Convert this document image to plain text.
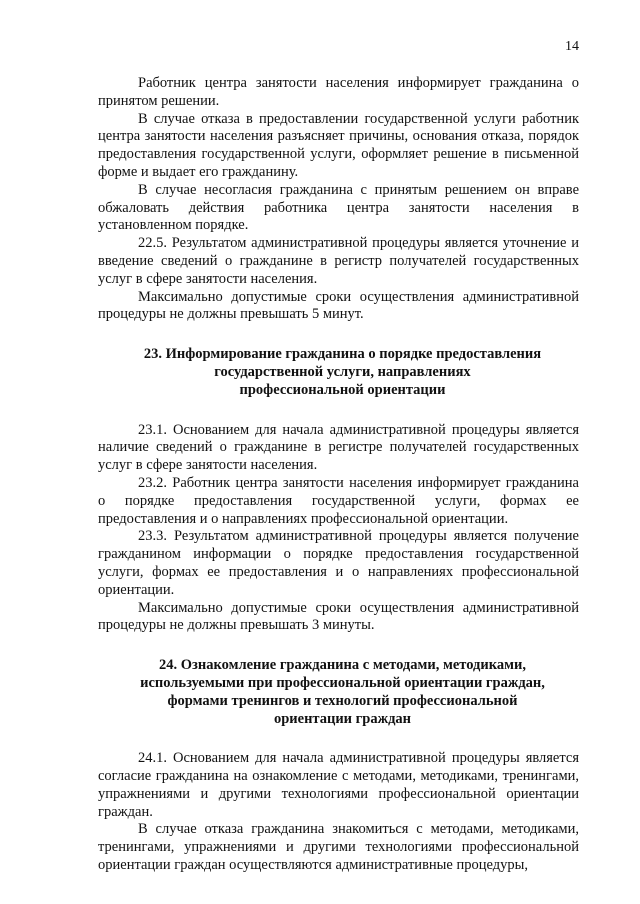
14

Работник центра занятости населения информирует гражданина о принятом решении.

В случае отказа в предоставлении государственной услуги работник центра занятости населения разъясняет причины, основания отказа, порядок предоставления государственной услуги, оформляет решение в письменной форме и выдает его гражданину.

В случае несогласия гражданина с принятым решением он вправе обжаловать действия работника центра занятости населения в установленном порядке.

22.5. Результатом административной процедуры является уточнение и введение сведений о гражданине в регистр получателей государственных услуг в сфере занятости населения.

Максимально допустимые сроки осуществления административной процедуры не должны превышать 5 минут.

23. Информирование гражданина о порядке предоставления
государственной услуги, направлениях
профессиональной ориентации

23.1. Основанием для начала административной процедуры является наличие сведений о гражданине в регистре получателей государственных услуг в сфере занятости населения.

23.2. Работник центра занятости населения информирует гражданина о порядке предоставления государственной услуги, формах ее предоставления и о направлениях профессиональной ориентации.

23.3. Результатом административной процедуры является получение гражданином информации о порядке предоставления государственной услуги, формах ее предоставления и о направлениях профессиональной ориентации.

Максимально допустимые сроки осуществления административной процедуры не должны превышать 3 минуты.

24. Ознакомление гражданина с методами, методиками,
используемыми при профессиональной ориентации граждан,
формами тренингов и технологий профессиональной
ориентации граждан

24.1. Основанием для начала административной процедуры является согласие гражданина на ознакомление с методами, методиками, тренингами, упражнениями и другими технологиями профессиональной ориентации граждан.

В случае отказа гражданина знакомиться с методами, методиками, тренингами, упражнениями и другими технологиями профессиональной ориентации граждан осуществляются административные процедуры,
